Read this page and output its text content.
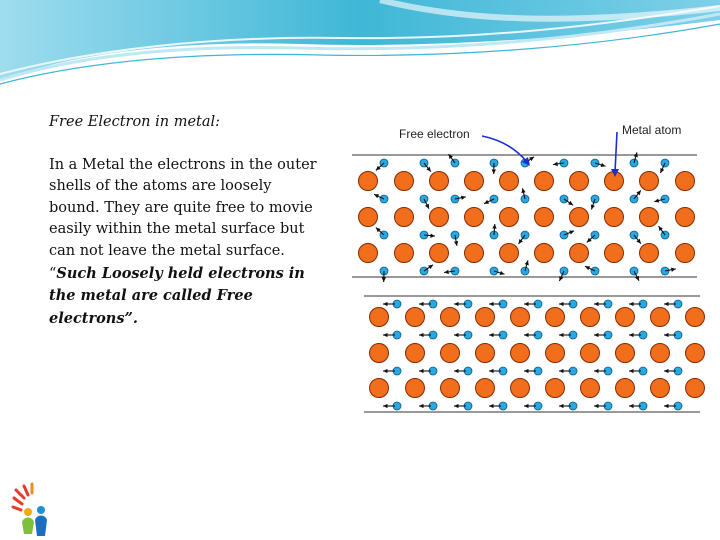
Free Electron in metal:

In a Metal the electrons in the outer shells of the atoms are loosely bound. They are quite free to movie easily within the metal surface but can not leave the metal surface. “Such Loosely held electrons in the metal are called Free electrons”.

Free electron	Metal atom
